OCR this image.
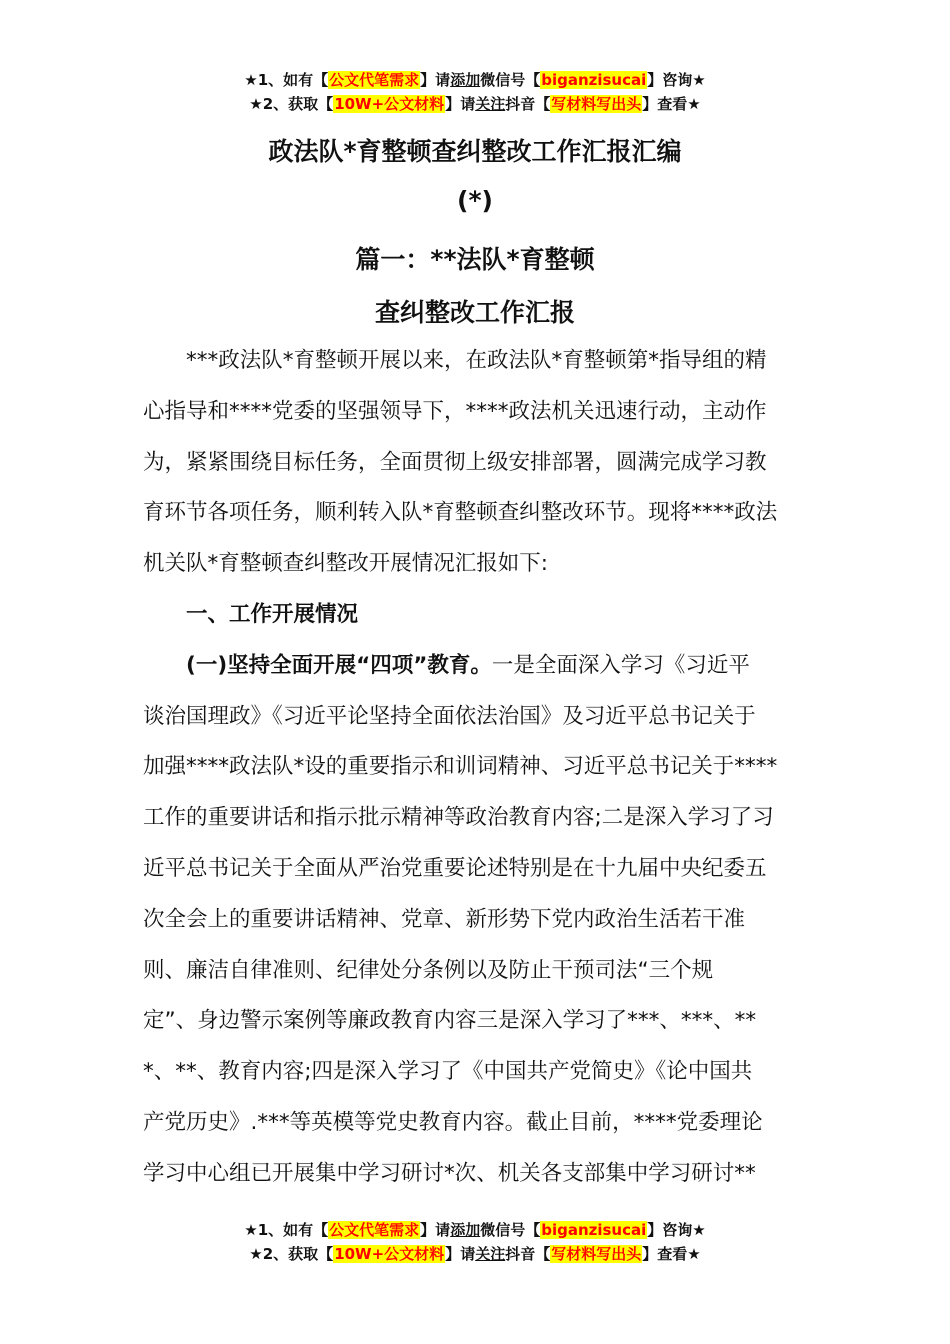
★1、如有【公文代笔需求】请添加微信号【biganzisucai】咨询★
★2、获取【10W+公文材料】请关注抖音【写材料写出头】查看★
政法队*育整顿查纠整改工作汇报汇编
(*)
篇一：**法队*育整顿
查纠整改工作汇报

***政法队*育整顿开展以来，在政法队*育整顿第*指导组的精

心指导和****党委的坚强领导下，****政法机关迅速行动，主动作

为，紧紧围绕目标任务，全面贯彻上级安排部署，圆满完成学习教

育环节各项任务，顺利转入队*育整顿查纠整改环节。现将****政法

机关队*育整顿查纠整改开展情况汇报如下:

一、工作开展情况

(一)坚持全面开展“四项”教育。一是全面深入学习《习近平

谈治国理政》《习近平论坚持全面依法治国》及习近平总书记关于

加强****政法队*设的重要指示和训词精神、习近平总书记关于****

工作的重要讲话和指示批示精神等政治教育内容;二是深入学习了习

近平总书记关于全面从严治党重要论述特别是在十九届中央纪委五

次全会上的重要讲话精神、党章、新形势下党内政治生活若干准

则、廉洁自律准则、纪律处分条例以及防止干预司法“三个规

定”、身边警示案例等廉政教育内容三是深入学习了***、***、**

*、**、教育内容;四是深入学习了《中国共产党简史》《论中国共

产党历史》.***等英模等党史教育内容。截止目前，****党委理论

学习中心组已开展集中学习研讨*次、机关各支部集中学习研讨**

★1、如有【公文代笔需求】请添加微信号【biganzisucai】咨询★
★2、获取【10W+公文材料】请关注抖音【写材料写出头】查看★
